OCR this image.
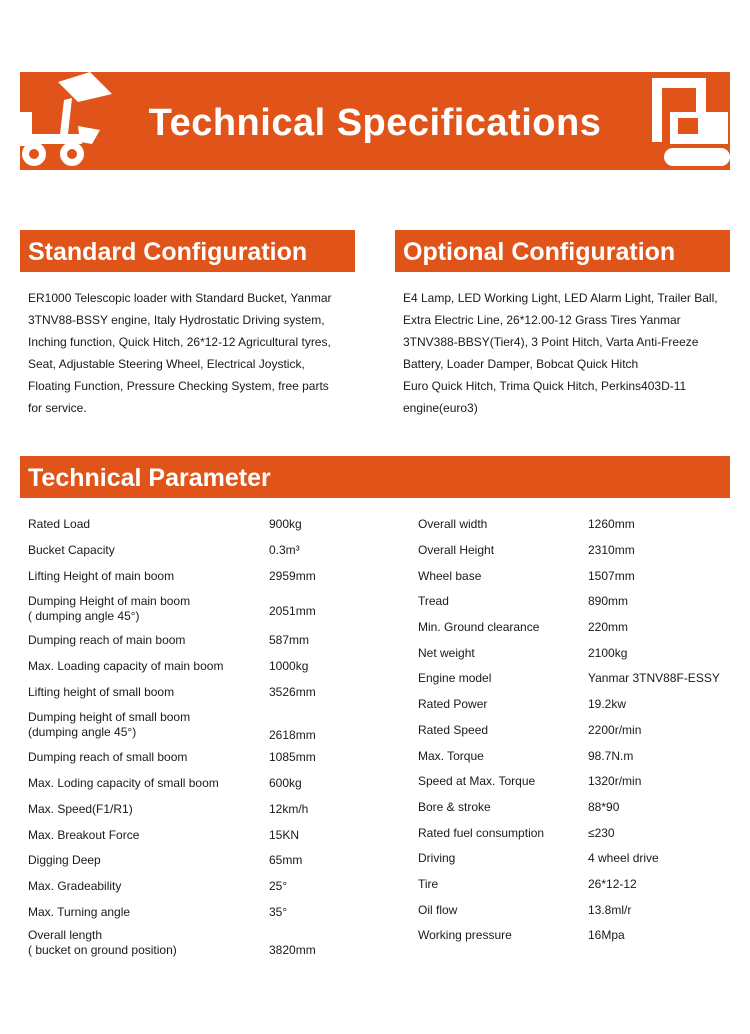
Technical Specifications
Standard Configuration
ER1000 Telescopic loader with Standard Bucket, Yanmar
3TNV88-BSSY engine, Italy Hydrostatic Driving system,
Inching function, Quick Hitch, 26*12-12 Agricultural tyres,
Seat, Adjustable Steering Wheel, Electrical Joystick,
Floating Function, Pressure Checking System, free parts
for service.
Optional Configuration
E4 Lamp, LED Working Light, LED Alarm Light, Trailer Ball,
Extra Electric Line, 26*12.00-12 Grass Tires Yanmar
3TNV388-BBSY(Tier4), 3 Point Hitch, Varta Anti-Freeze
Battery, Loader Damper, Bobcat Quick Hitch
Euro Quick Hitch, Trima Quick Hitch, Perkins403D-11
engine(euro3)
Technical Parameter
Rated Load	900kg
Bucket Capacity	0.3m³
Lifting Height of main boom	2959mm
Dumping Height of main boom
( dumping angle 45°)	2051mm
Dumping reach of main boom	587mm
Max. Loading capacity of main boom	1000kg
Lifting height of small boom	3526mm
Dumping height of small boom
(dumping angle 45°)	2618mm
Dumping reach of small boom	1085mm
Max. Loding capacity of small boom	600kg
Max. Speed(F1/R1)	12km/h
Max. Breakout Force	15KN
Digging Deep	65mm
Max. Gradeability	25°
Max. Turning angle	35°
Overall length
( bucket on ground position)	3820mm
Overall width	1260mm
Overall Height	2310mm
Wheel base	1507mm
Tread	890mm
Min. Ground clearance	220mm
Net weight	2100kg
Engine model	Yanmar 3TNV88F-ESSY
Rated Power	19.2kw
Rated Speed	2200r/min
Max. Torque	98.7N.m
Speed at Max. Torque	1320r/min
Bore & stroke	88*90
Rated fuel consumption	≤230
Driving	4 wheel drive
Tire	26*12-12
Oil flow	13.8ml/r
Working pressure	16Mpa
